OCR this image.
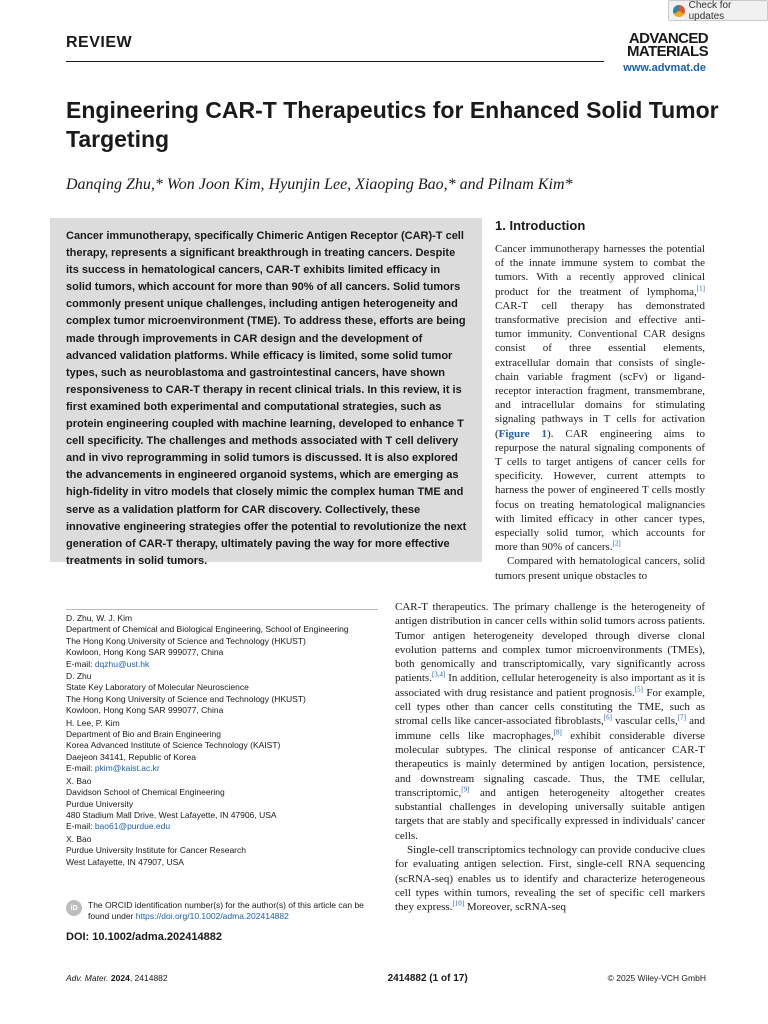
Check for updates
REVIEW	ADVANCED
MATERIALS
www.advmat.de
Engineering CAR-T Therapeutics for Enhanced Solid Tumor Targeting
Danqing Zhu,* Won Joon Kim, Hyunjin Lee, Xiaoping Bao,* and Pilnam Kim*

Cancer immunotherapy, specifically Chimeric Antigen Receptor (CAR)-T cell therapy, represents a significant breakthrough in treating cancers. Despite its success in hematological cancers, CAR-T exhibits limited efficacy in solid tumors, which account for more than 90% of all cancers. Solid tumors commonly present unique challenges, including antigen heterogeneity and complex tumor microenvironment (TME). To address these, efforts are being made through improvements in CAR design and the development of advanced validation platforms. While efficacy is limited, some solid tumor types, such as neuroblastoma and gastrointestinal cancers, have shown responsiveness to CAR-T therapy in recent clinical trials. In this review, it is first examined both experimental and computational strategies, such as protein engineering coupled with machine learning, developed to enhance T cell specificity. The challenges and methods associated with T cell delivery and in vivo reprogramming in solid tumors is discussed. It is also explored the advancements in engineered organoid systems, which are emerging as high-fidelity in vitro models that closely mimic the complex human TME and serve as a validation platform for CAR discovery. Collectively, these innovative engineering strategies offer the potential to revolutionize the next generation of CAR-T therapy, ultimately paving the way for more effective treatments in solid tumors.

1. Introduction

Cancer immunotherapy harnesses the potential of the innate immune system to combat the tumors. With a recently approved clinical product for the treatment of lymphoma,[1] CAR-T cell therapy has demonstrated transformative precision and effective anti-tumor immunity. Conventional CAR designs consist of three essential elements, extracellular domain that consists of single-chain variable fragment (scFv) or ligand-receptor interaction fragment, transmembrane, and intracellular domains for stimulating signaling pathways in T cells for activation (Figure 1). CAR engineering aims to repurpose the natural signaling components of T cells to target antigens of cancer cells for specificity. However, current attempts to harness the power of engineered T cells mostly focus on treating hematological malignancies with limited efficacy in other cancer types, especially solid tumor, which accounts for more than 90% of cancers.[2]

Compared with hematological cancers, solid tumors present unique obstacles to

CAR-T therapeutics. The primary challenge is the heterogeneity of antigen distribution in cancer cells within solid tumors across patients. Tumor antigen heterogeneity developed through diverse clonal evolution patterns and complex tumor microenvironments (TMEs), both genomically and transcriptomically, vary significantly across patients.[3,4] In addition, cellular heterogeneity is also important as it is associated with drug resistance and patient prognosis.[5] For example, cell types other than cancer cells constituting the TME, such as stromal cells like cancer-associated fibroblasts,[6] vascular cells,[7] and immune cells like macrophages,[8] exhibit considerable diverse molecular subtypes. The clinical response of anticancer CAR-T therapeutics is mainly determined by antigen location, persistence, and downstream signaling cascade. Thus, the TME cellular, transcriptomic,[9] and antigen heterogeneity altogether creates substantial challenges in developing universally suitable antigen targets that are stably and specifically expressed in individuals' cancer cells.

Single-cell transcriptomics technology can provide conducive clues for evaluating antigen selection. First, single-cell RNA sequencing (scRNA-seq) enables us to identify and characterize heterogeneous cell types within tumors, revealing the set of specific cell markers they express.[10] Moreover, scRNA-seq

D. Zhu, W. J. Kim
Department of Chemical and Biological Engineering, School of Engineering
The Hong Kong University of Science and Technology (HKUST)
Kowloon, Hong Kong SAR 999077, China
E-mail: dqzhu@ust.hk
D. Zhu
State Key Laboratory of Molecular Neuroscience
The Hong Kong University of Science and Technology (HKUST)
Kowloon, Hong Kong SAR 999077, China
H. Lee, P. Kim
Department of Bio and Brain Engineering
Korea Advanced Institute of Science Technology (KAIST)
Daejeon 34141, Republic of Korea
E-mail: pkim@kaist.ac.kr
X. Bao
Davidson School of Chemical Engineering
Purdue University
480 Stadium Mall Drive, West Lafayette, IN 47906, USA
E-mail: bao61@purdue.edu
X. Bao
Purdue University Institute for Cancer Research
West Lafayette, IN 47907, USA
iD	The ORCID identification number(s) for the author(s) of this article can be found under https://doi.org/10.1002/adma.202414882
DOI: 10.1002/adma.202414882
Adv. Mater. 2024, 2414882	2414882 (1 of 17)	© 2025 Wiley-VCH GmbH
